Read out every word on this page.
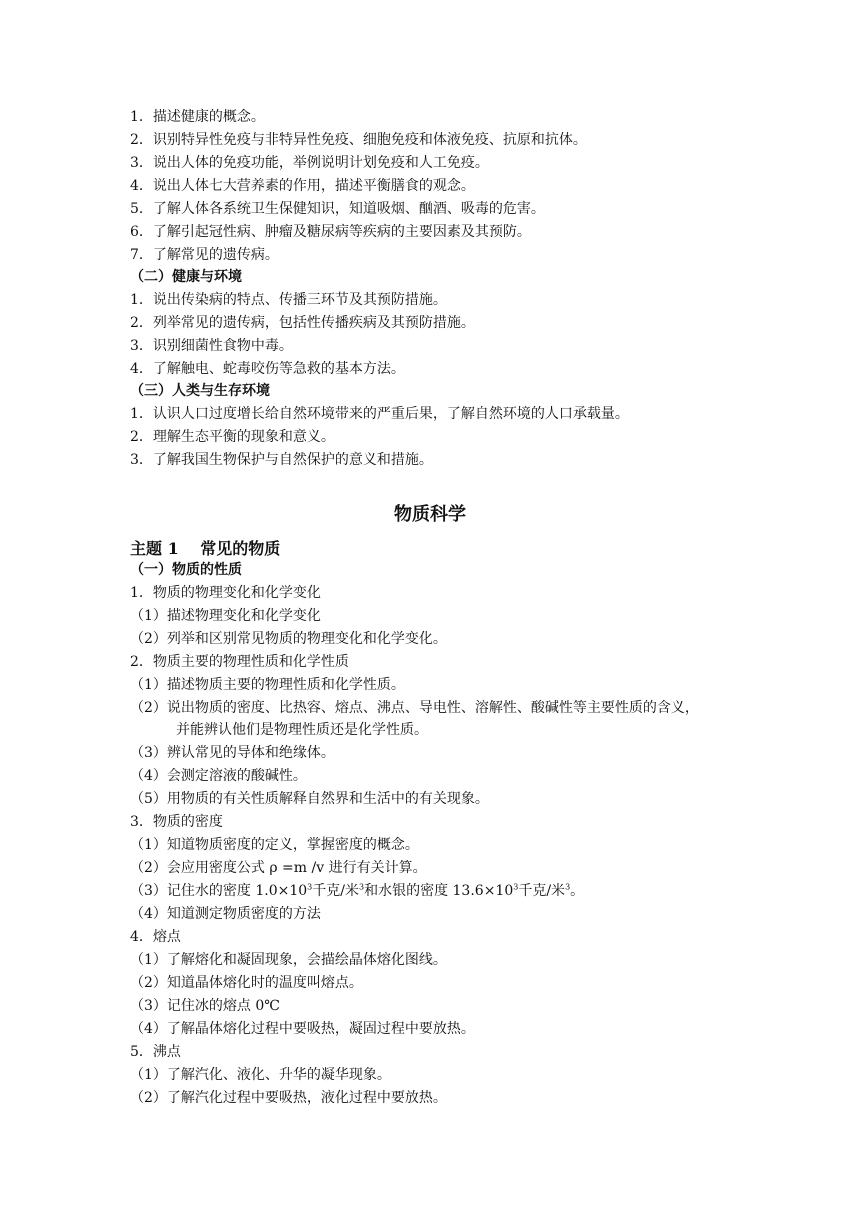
1．描述健康的概念。
2．识别特异性免疫与非特异性免疫、细胞免疫和体液免疫、抗原和抗体。
3．说出人体的免疫功能，举例说明计划免疫和人工免疫。
4．说出人体七大营养素的作用，描述平衡膳食的观念。
5．了解人体各系统卫生保健知识，知道吸烟、酗酒、吸毒的危害。
6．了解引起冠性病、肿瘤及糖尿病等疾病的主要因素及其预防。
7．了解常见的遗传病。
（二）健康与环境
1．说出传染病的特点、传播三环节及其预防措施。
2．列举常见的遗传病，包括性传播疾病及其预防措施。
3．识别细菌性食物中毒。
4．了解触电、蛇毒咬伤等急救的基本方法。
（三）人类与生存环境
1．认识人口过度增长给自然环境带来的严重后果，了解自然环境的人口承载量。
2．理解生态平衡的现象和意义。
3．了解我国生物保护与自然保护的意义和措施。
物质科学
主题 1　 常见的物质
（一）物质的性质
1．物质的物理变化和化学变化
（1）描述物理变化和化学变化
（2）列举和区别常见物质的物理变化和化学变化。
2．物质主要的物理性质和化学性质
（1）描述物质主要的物理性质和化学性质。
（2）说出物质的密度、比热容、熔点、沸点、导电性、溶解性、酸碱性等主要性质的含义，
并能辨认他们是物理性质还是化学性质。
（3）辨认常见的导体和绝缘体。
（4）会测定溶液的酸碱性。
（5）用物质的有关性质解释自然界和生活中的有关现象。
3．物质的密度
（1）知道物质密度的定义，掌握密度的概念。
（2）会应用密度公式 ρ =m /v 进行有关计算。
（3）记住水的密度 $1.0\times 10^3$千克/米$^3$和水银的密度 $13.6\times 10^3$千克/米$^3$。
（4）知道测定物质密度的方法
4．熔点
（1）了解熔化和凝固现象，会描绘晶体熔化图线。
（2）知道晶体熔化时的温度叫熔点。
（3）记住冰的熔点 0℃
（4）了解晶体熔化过程中要吸热，凝固过程中要放热。
5．沸点
（1）了解汽化、液化、升华的凝华现象。
（2）了解汽化过程中要吸热，液化过程中要放热。
